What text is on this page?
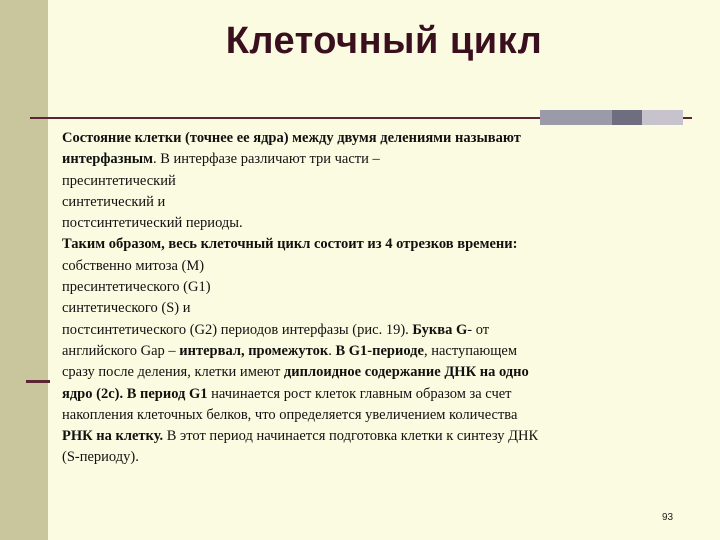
Клеточный цикл
Состояние клетки (точнее ее ядра) между двумя делениями называют
интерфазным. В интерфазе различают три части –
пресинтетический
синтетический и
постсинтетический периоды.
Таким образом, весь клеточный цикл состоит из 4 отрезков времени:
собственно митоза (М)
пресинтетического (G1)
синтетического (S) и
постсинтетического (G2) периодов интерфазы (рис. 19). Буква G- от
английского Gap – интервал, промежуток. В G1-периоде, наступающем
сразу после деления, клетки имеют диплоидное содержание ДНК на одно
ядро (2с). В период G1 начинается рост клеток главным образом за счет
накопления клеточных белков, что определяется увеличением количества
РНК на клетку. В этот период начинается подготовка клетки к синтезу ДНК
(S-периоду).
93
